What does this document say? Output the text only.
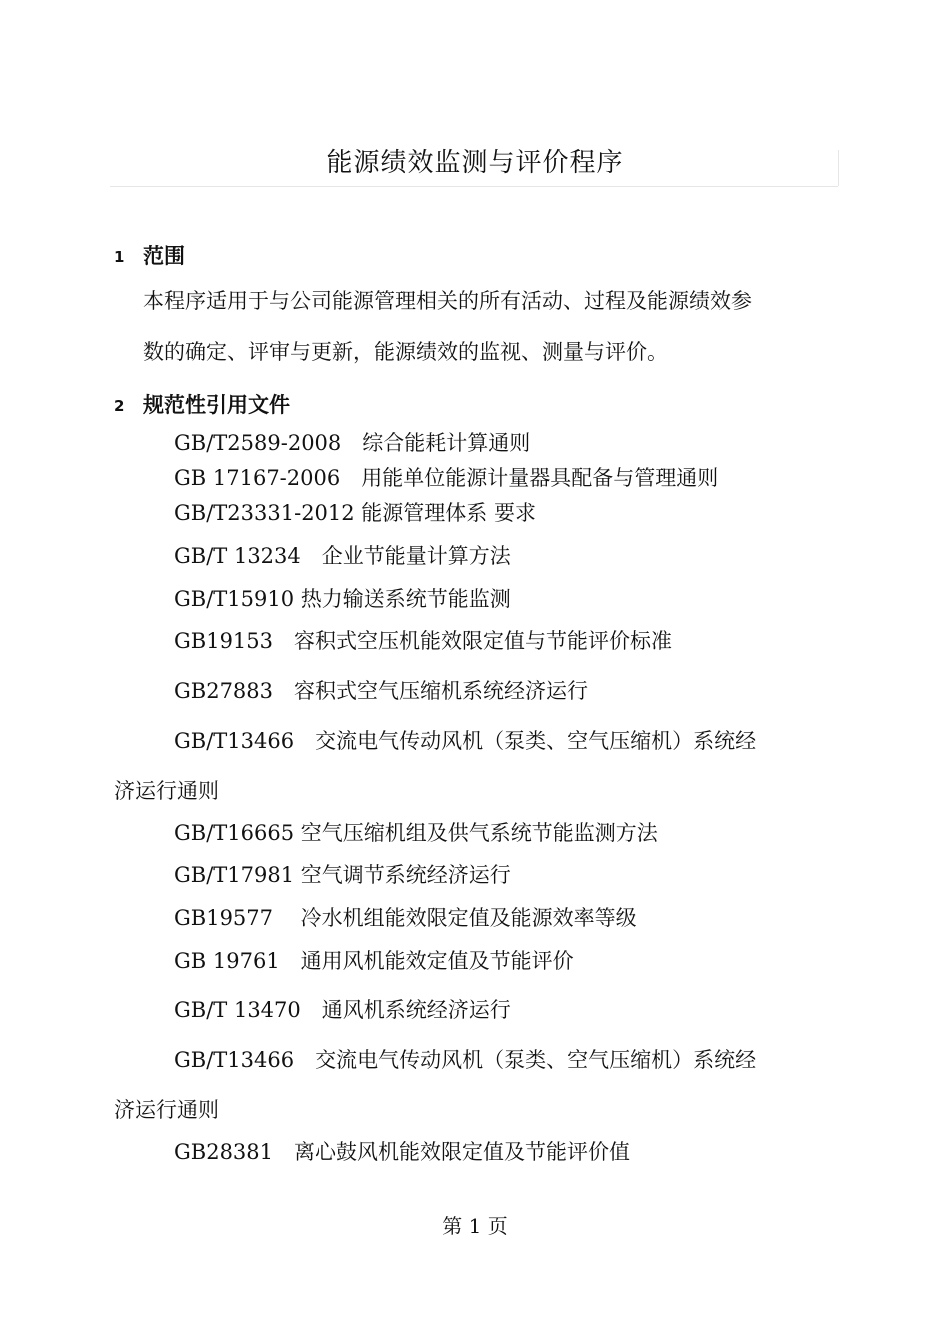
能源绩效监测与评价程序
1 范围
本程序适用于与公司能源管理相关的所有活动、过程及能源绩效参
数的确定、评审与更新，能源绩效的监视、测量与评价。
2 规范性引用文件
GB/T2589-2008　综合能耗计算通则
GB 17167-2006　用能单位能源计量器具配备与管理通则
GB/T23331-2012 能源管理体系 要求
GB/T 13234　企业节能量计算方法
GB/T15910 热力输送系统节能监测
GB19153　容积式空压机能效限定值与节能评价标准
GB27883　容积式空气压缩机系统经济运行
GB/T13466　交流电气传动风机（泵类、空气压缩机）系统经
济运行通则
GB/T16665 空气压缩机组及供气系统节能监测方法
GB/T17981 空气调节系统经济运行
GB19577　 冷水机组能效限定值及能源效率等级
GB 19761　通用风机能效定值及节能评价
GB/T 13470　通风机系统经济运行
GB/T13466　交流电气传动风机（泵类、空气压缩机）系统经
济运行通则
GB28381　离心鼓风机能效限定值及节能评价值
第 1 页
